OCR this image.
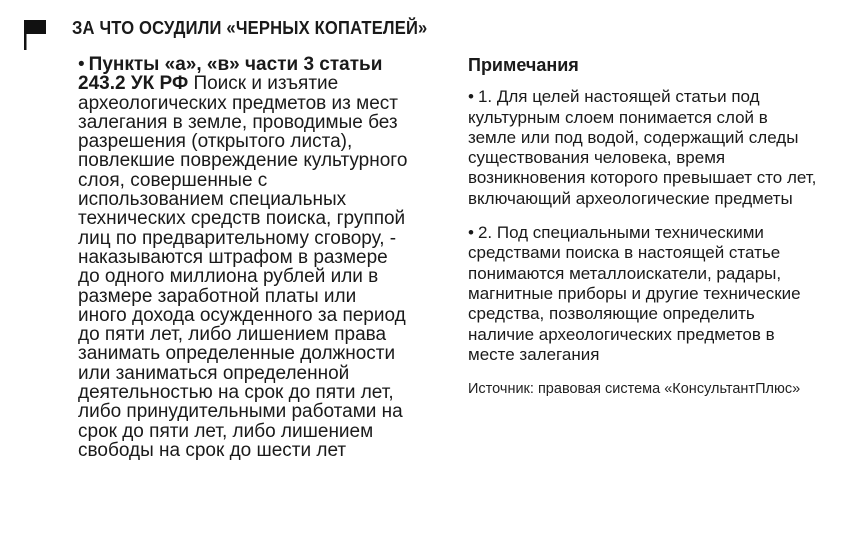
ЗА ЧТО ОСУДИЛИ «ЧЕРНЫХ КОПАТЕЛЕЙ»
• Пункты «а», «в» части 3 статьи 243.2 УК РФ Поиск и изъятие археологических предметов из мест залегания в земле, проводимые без разрешения (открытого листа), повлекшие повреждение культурного слоя, совершенные с использованием специальных технических средств поиска, группой лиц по предварительному сговору, - наказываются штрафом в размере до одного миллиона рублей или в размере заработной платы или иного дохода осужденного за период до пяти лет, либо лишением права занимать определенные должности или заниматься определенной деятельностью на срок до пяти лет, либо принудительными работами на срок до пяти лет, либо лишением свободы на срок до шести лет
Примечания

• 1. Для целей настоящей статьи под культурным слоем понимается слой в земле или под водой, содержащий следы существования человека, время возникновения которого превышает сто лет, включающий археологические предметы

• 2. Под специальными техническими средствами поиска в настоящей статье понимаются металлоискатели, радары, магнитные приборы и другие технические средства, позволяющие определить наличие археологических предметов в месте залегания

Источник: правовая система «КонсультантПлюс»
